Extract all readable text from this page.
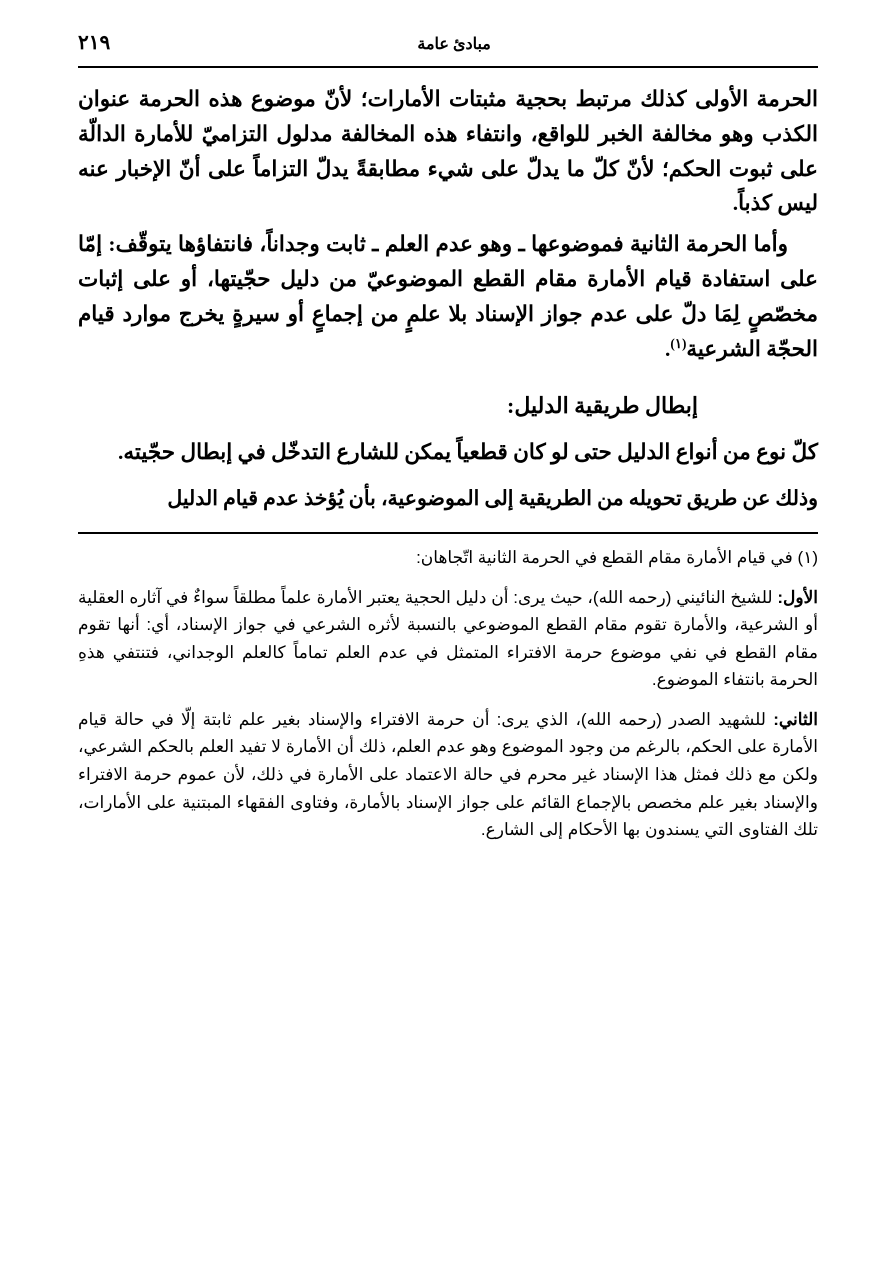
٢١٩	مبادئ عامة

الحرمة الأولى كذلك مرتبط بحجية مثبتات الأمارات؛ لأنّ موضوع هذه الحرمة عنوان الكذب وهو مخالفة الخبر للواقع، وانتفاء هذه المخالفة مدلول التزاميّ للأمارة الدالّة على ثبوت الحكم؛ لأنّ كلّ ما يدلّ على شيء مطابقةً يدلّ التزاماً على أنّ الإخبار عنه ليس كذباً.

وأما الحرمة الثانية فموضوعها ـ وهو عدم العلم ـ ثابت وجداناً، فانتفاؤها يتوقّف: إمّا على استفادة قيام الأمارة مقام القطع الموضوعيّ من دليل حجّيتها، أو على إثبات مخصّصٍ لِمَا دلّ على عدم جواز الإسناد بلا علمٍ من إجماعٍ أو سيرةٍ يخرج موارد قيام الحجّة الشرعية$^{(١)}$.

إبطال طريقية الدليل:

كلّ نوع من أنواع الدليل حتى لو كان قطعياً يمكن للشارع التدخّل في إبطال حجّيته.

وذلك عن طريق تحويله من الطريقية إلى الموضوعية، بأن يُؤخذ عدم قيام الدليل

(١) في قيام الأمارة مقام القطع في الحرمة الثانية اتّجاهان:

الأول: للشيخ النائيني (رحمه الله)، حيث يرى: أن دليل الحجية يعتبر الأمارة علماً مطلقاً سواءٌ في آثاره العقلية أو الشرعية، والأمارة تقوم مقام القطع الموضوعي بالنسبة لأثره الشرعي في جواز الإسناد، أي: أنها تقوم مقام القطع في نفي موضوع حرمة الافتراء المتمثل في عدم العلم تماماً كالعلم الوجداني، فتنتفي هذهِ الحرمة بانتفاء الموضوع.

الثاني: للشهيد الصدر (رحمه الله)، الذي يرى: أن حرمة الافتراء والإسناد بغير علم ثابتة إلّا في حالة قيام الأمارة على الحكم، بالرغم من وجود الموضوع وهو عدم العلم، ذلك أن الأمارة لا تفيد العلم بالحكم الشرعي، ولكن مع ذلك فمثل هذا الإسناد غير محرم في حالة الاعتماد على الأمارة في ذلك، لأن عموم حرمة الافتراء والإسناد بغير علم مخصص بالإجماع القائم على جواز الإسناد بالأمارة، وفتاوى الفقهاء المبتنية على الأمارات، تلك الفتاوى التي يسندون بها الأحكام إلى الشارع.
